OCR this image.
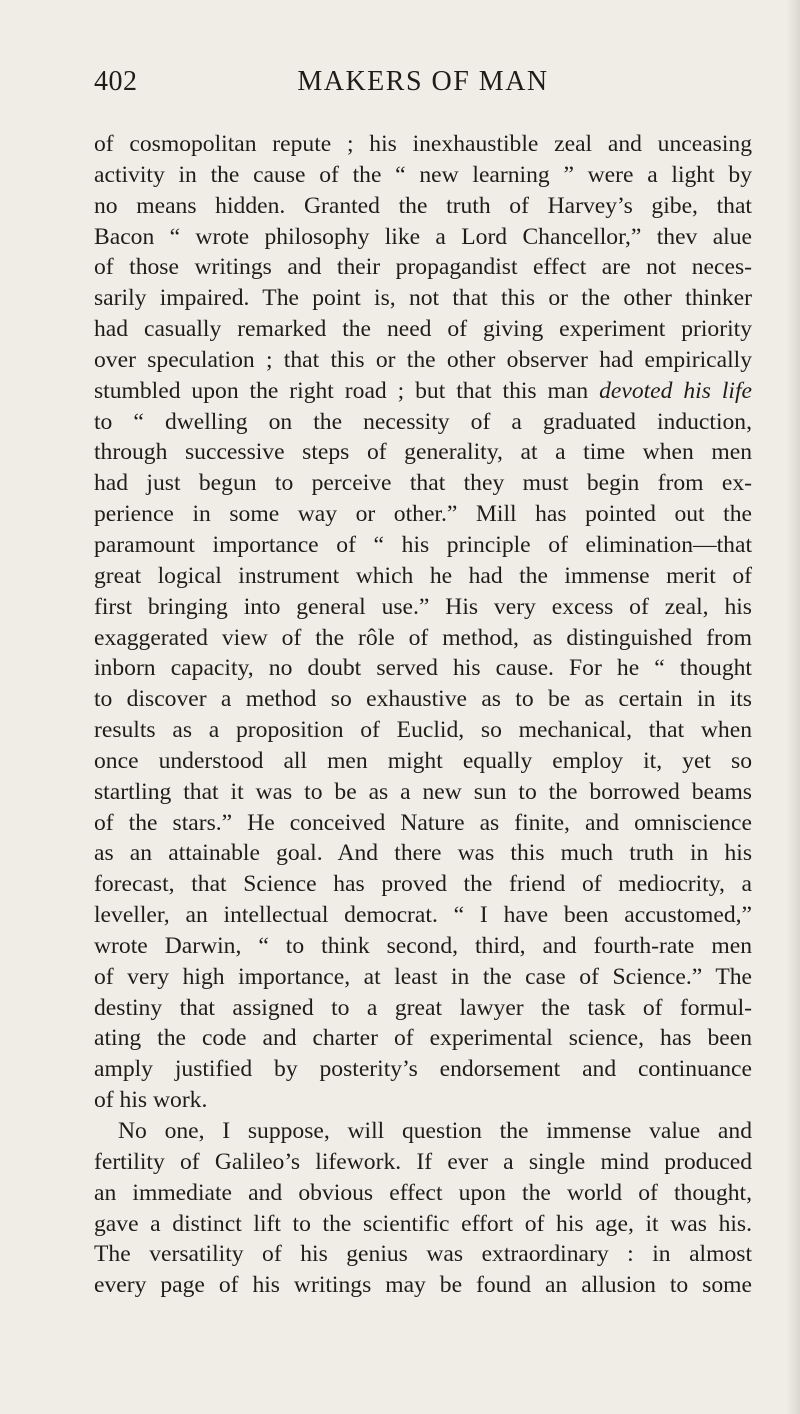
402	MAKERS OF MAN
of cosmopolitan repute ; his inexhaustible zeal and unceasing
activity in the cause of the “ new learning ” were a light by
no means hidden. Granted the truth of Harvey’s gibe, that
Bacon “ wrote philosophy like a Lord Chancellor,” thev alue
of those writings and their propagandist effect are not neces-
sarily impaired. The point is, not that this or the other thinker
had casually remarked the need of giving experiment priority
over speculation ; that this or the other observer had empirically
stumbled upon the right road ; but that this man devoted his life
to “ dwelling on the necessity of a graduated induction,
through successive steps of generality, at a time when men
had just begun to perceive that they must begin from ex-
perience in some way or other.” Mill has pointed out the
paramount importance of “ his principle of elimination—that
great logical instrument which he had the immense merit of
first bringing into general use.” His very excess of zeal, his
exaggerated view of the rôle of method, as distinguished from
inborn capacity, no doubt served his cause. For he “ thought
to discover a method so exhaustive as to be as certain in its
results as a proposition of Euclid, so mechanical, that when
once understood all men might equally employ it, yet so
startling that it was to be as a new sun to the borrowed beams
of the stars.” He conceived Nature as finite, and omniscience
as an attainable goal. And there was this much truth in his
forecast, that Science has proved the friend of mediocrity, a
leveller, an intellectual democrat. “ I have been accustomed,”
wrote Darwin, “ to think second, third, and fourth-rate men
of very high importance, at least in the case of Science.” The
destiny that assigned to a great lawyer the task of formul-
ating the code and charter of experimental science, has been
amply justified by posterity’s endorsement and continuance
of his work.
No one, I suppose, will question the immense value and
fertility of Galileo’s lifework. If ever a single mind produced
an immediate and obvious effect upon the world of thought,
gave a distinct lift to the scientific effort of his age, it was his.
The versatility of his genius was extraordinary : in almost
every page of his writings may be found an allusion to some
